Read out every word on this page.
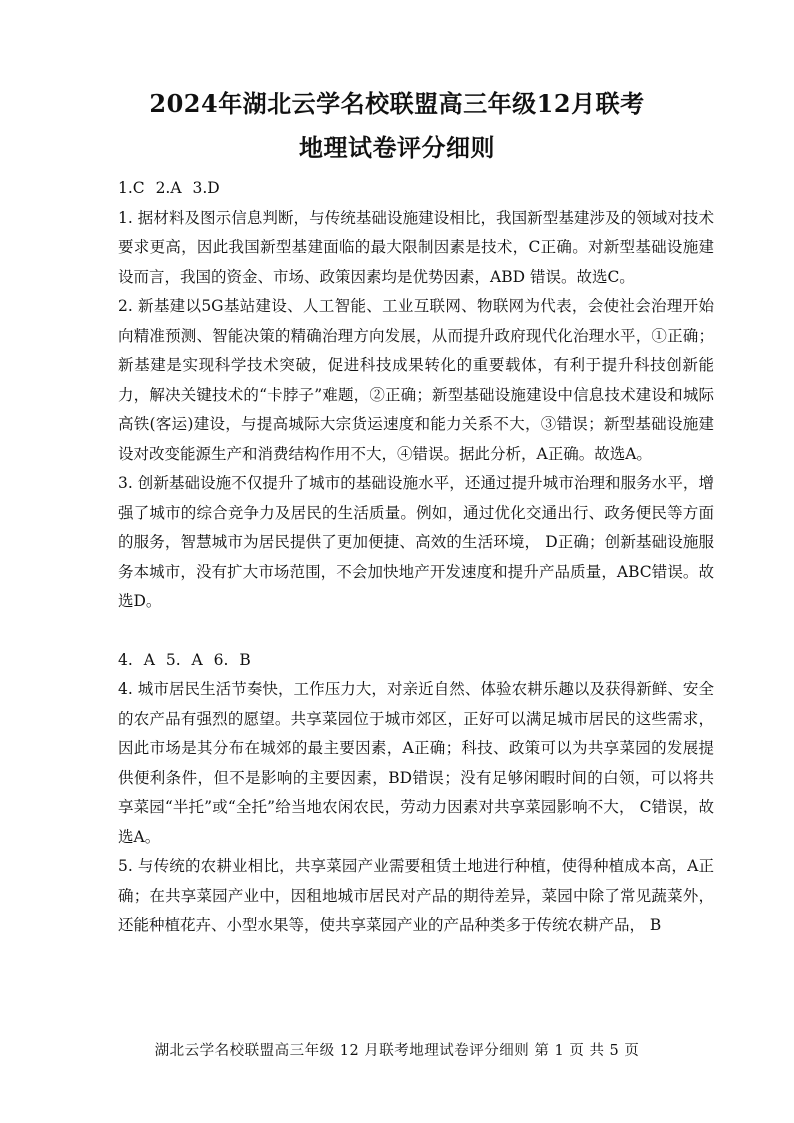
2024年湖北云学名校联盟高三年级12月联考
地理试卷评分细则

1.C 2.A 3.D

1. 据材料及图示信息判断，与传统基础设施建设相比，我国新型基建涉及的领域对技术要求更高，因此我国新型基建面临的最大限制因素是技术，C正确。对新型基础设施建设而言，我国的资金、市场、政策因素均是优势因素，ABD 错误。故选C。

2. 新基建以5G基站建设、人工智能、工业互联网、物联网为代表，会使社会治理开始向精准预测、智能决策的精确治理方向发展，从而提升政府现代化治理水平，①正确；新基建是实现科学技术突破，促进科技成果转化的重要载体，有利于提升科技创新能力，解决关键技术的“卡脖子”难题，②正确；新型基础设施建设中信息技术建设和城际高铁(客运)建设，与提高城际大宗货运速度和能力关系不大，③错误；新型基础设施建设对改变能源生产和消费结构作用不大，④错误。据此分析，A正确。故选A。

3. 创新基础设施不仅提升了城市的基础设施水平，还通过提升城市治理和服务水平，增强了城市的综合竞争力及居民的生活质量。例如，通过优化交通出行、政务便民等方面的服务，智慧城市为居民提供了更加便捷、高效的生活环境， D正确；创新基础设施服务本城市，没有扩大市场范围，不会加快地产开发速度和提升产品质量，ABC错误。故选D。

4. A 5. A 6. B

4. 城市居民生活节奏快，工作压力大，对亲近自然、体验农耕乐趣以及获得新鲜、安全的农产品有强烈的愿望。共享菜园位于城市郊区，正好可以满足城市居民的这些需求，因此市场是其分布在城郊的最主要因素，A正确；科技、政策可以为共享菜园的发展提供便利条件，但不是影响的主要因素，BD错误；没有足够闲暇时间的白领，可以将共享菜园“半托”或“全托”给当地农闲农民，劳动力因素对共享菜园影响不大， C错误，故选A。

5. 与传统的农耕业相比，共享菜园产业需要租赁土地进行种植，使得种植成本高，A正确；在共享菜园产业中，因租地城市居民对产品的期待差异，菜园中除了常见蔬菜外，还能种植花卉、小型水果等，使共享菜园产业的产品种类多于传统农耕产品， B

湖北云学名校联盟高三年级 12 月联考地理试卷评分细则 第 1 页 共 5 页
